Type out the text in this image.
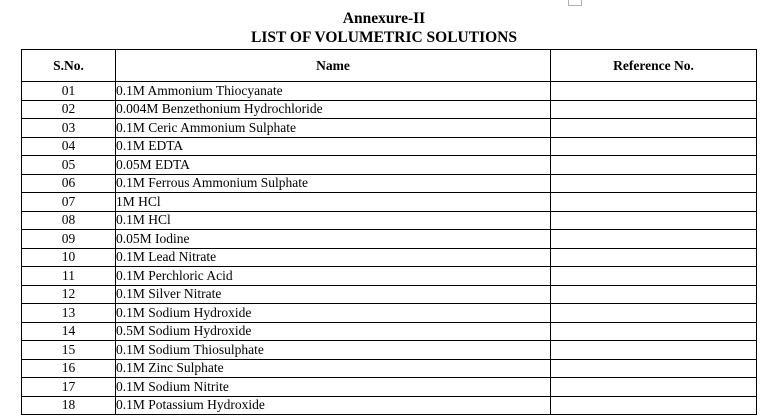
Annexure-II
LIST OF VOLUMETRIC SOLUTIONS
S.No.	Name	Reference No.
01	0.1M Ammonium Thiocyanate	
02	0.004M Benzethonium Hydrochloride	
03	0.1M Ceric Ammonium Sulphate	
04	0.1M EDTA	
05	0.05M EDTA	
06	0.1M Ferrous Ammonium Sulphate	
07	1M HCl	
08	0.1M HCl	
09	0.05M Iodine	
10	0.1M Lead Nitrate	
11	0.1M Perchloric Acid	
12	0.1M Silver Nitrate	
13	0.1M Sodium Hydroxide	
14	0.5M Sodium Hydroxide	
15	0.1M Sodium Thiosulphate	
16	0.1M Zinc Sulphate	
17	0.1M Sodium Nitrite	
18	0.1M Potassium Hydroxide	
